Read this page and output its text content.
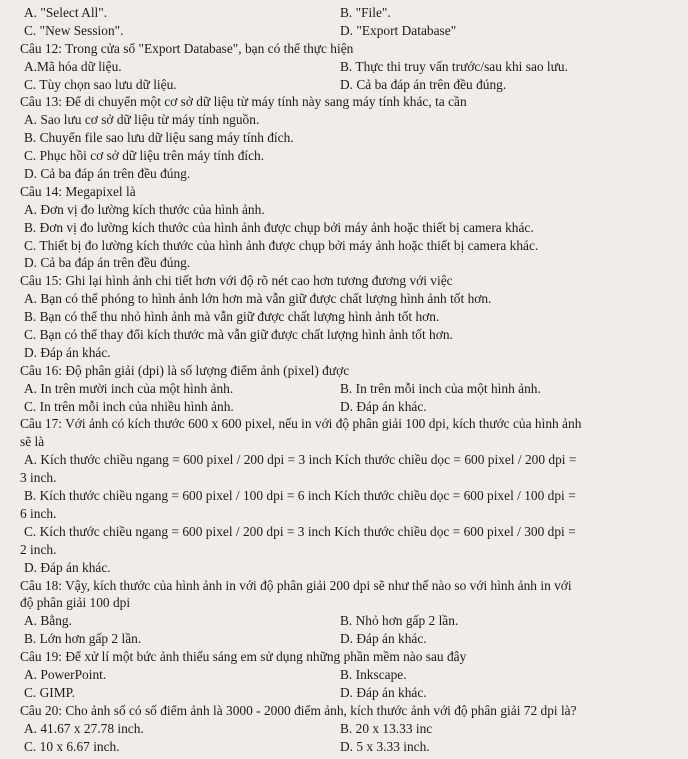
A. "Select All".	B. "File".
C. "New Session".	D. "Export Database"
Câu 12: Trong cửa sổ "Export Database", bạn có thể thực hiện
A.Mã hóa dữ liệu.	B. Thực thi truy vấn trước/sau khi sao lưu.
C. Tùy chọn sao lưu dữ liệu.	D. Cả ba đáp án trên đều đúng.
Câu 13: Để di chuyển một cơ sở dữ liệu từ máy tính này sang máy tính khác, ta cần
A. Sao lưu cơ sở dữ liệu từ máy tính nguồn.
B. Chuyển file sao lưu dữ liệu sang máy tính đích.
C. Phục hồi cơ sở dữ liệu trên máy tính đích.
D. Cả ba đáp án trên đều đúng.
Câu 14: Megapixel là
A. Đơn vị đo lường kích thước của hình ảnh.
B. Đơn vị đo lường kích thước của hình ảnh được chụp bởi máy ảnh hoặc thiết bị camera khác.
C. Thiết bị đo lường kích thước của hình ảnh được chụp bởi máy ảnh hoặc thiết bị camera khác.
D. Cả ba đáp án trên đều đúng.
Câu 15: Ghi lại hình ảnh chi tiết hơn với độ rõ nét cao hơn tương đương với việc
A. Bạn có thể phóng to hình ảnh lớn hơn mà vẫn giữ được chất lượng hình ảnh tốt hơn.
B. Bạn có thể thu nhỏ hình ảnh mà vẫn giữ được chất lượng hình ảnh tốt hơn.
C. Bạn có thể thay đổi kích thước mà vẫn giữ được chất lượng hình ảnh tốt hơn.
D. Đáp án khác.
Câu 16: Độ phân giải (dpi) là số lượng điểm ảnh (pixel) được
A. In trên mười inch của một hình ảnh.	B. In trên mỗi inch của một hình ảnh.
C. In trên mỗi inch của nhiều hình ảnh.	D. Đáp án khác.
Câu 17: Với ảnh có kích thước 600 x 600 pixel, nếu in với độ phân giải 100 dpi, kích thước của hình ảnh
sẽ là
A. Kích thước chiều ngang = 600 pixel / 200 dpi = 3 inch Kích thước chiều dọc = 600 pixel / 200 dpi =
3 inch.
B. Kích thước chiều ngang = 600 pixel / 100 dpi = 6 inch Kích thước chiều dọc = 600 pixel / 100 dpi =
6 inch.
C. Kích thước chiều ngang = 600 pixel / 200 dpi = 3 inch Kích thước chiều dọc = 600 pixel / 300 dpi =
2 inch.
D. Đáp án khác.
Câu 18: Vậy, kích thước của hình ảnh in với độ phân giải 200 dpi sẽ như thế nào so với hình ảnh in với
độ phân giải 100 dpi
A. Bằng.	B. Nhỏ hơn gấp 2 lần.
B. Lớn hơn gấp 2 lần.	D. Đáp án khác.
Câu 19: Để xử lí một bức ảnh thiếu sáng em sử dụng những phần mềm nào sau đây
A. PowerPoint.	B. Inkscape.
C. GIMP.	D. Đáp án khác.
Câu 20: Cho ảnh số có số điểm ảnh là 3000 - 2000 điểm ảnh, kích thước ảnh với độ phân giải 72 dpi là?
A. 41.67 x 27.78 inch.	B. 20 x 13.33 inc
C. 10 x 6.67 inch.	D. 5 x 3.33 inch.
